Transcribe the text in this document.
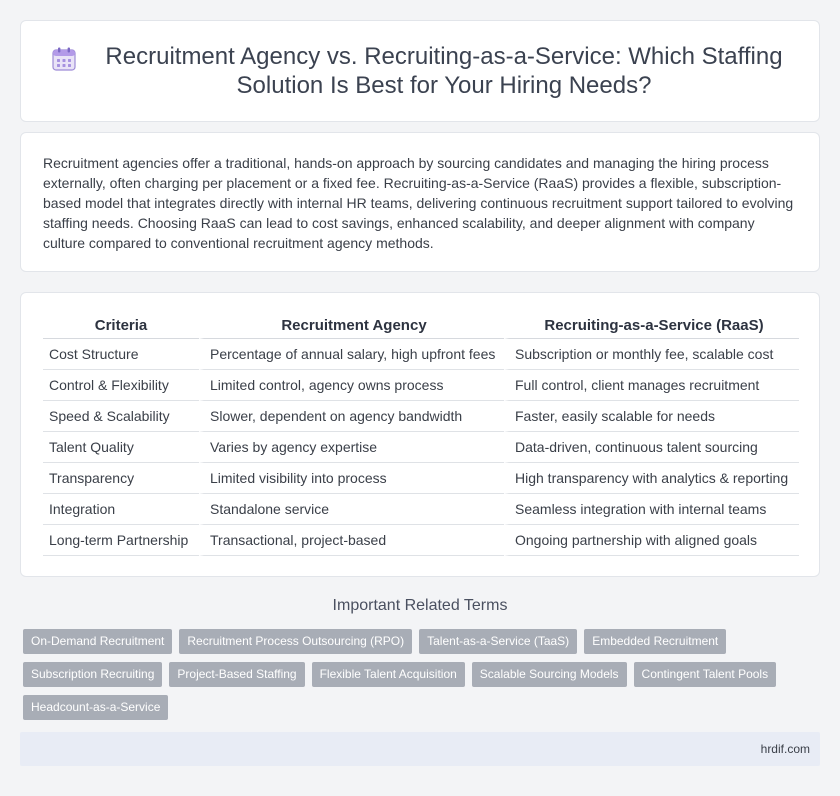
Recruitment Agency vs. Recruiting-as-a-Service: Which Staffing Solution Is Best for Your Hiring Needs?

Recruitment agencies offer a traditional, hands-on approach by sourcing candidates and managing the hiring process externally, often charging per placement or a fixed fee. Recruiting-as-a-Service (RaaS) provides a flexible, subscription-based model that integrates directly with internal HR teams, delivering continuous recruitment support tailored to evolving staffing needs. Choosing RaaS can lead to cost savings, enhanced scalability, and deeper alignment with company culture compared to conventional recruitment agency methods.

Criteria	Recruitment Agency	Recruiting-as-a-Service (RaaS)
Cost Structure	Percentage of annual salary, high upfront fees	Subscription or monthly fee, scalable cost
Control & Flexibility	Limited control, agency owns process	Full control, client manages recruitment
Speed & Scalability	Slower, dependent on agency bandwidth	Faster, easily scalable for needs
Talent Quality	Varies by agency expertise	Data-driven, continuous talent sourcing
Transparency	Limited visibility into process	High transparency with analytics & reporting
Integration	Standalone service	Seamless integration with internal teams
Long-term Partnership	Transactional, project-based	Ongoing partnership with aligned goals
Important Related Terms
On-Demand Recruitment	Recruitment Process Outsourcing (RPO)	Talent-as-a-Service (TaaS)	Embedded Recruitment
Subscription Recruiting	Project-Based Staffing	Flexible Talent Acquisition	Scalable Sourcing Models	Contingent Talent Pools
Headcount-as-a-Service
hrdif.com
